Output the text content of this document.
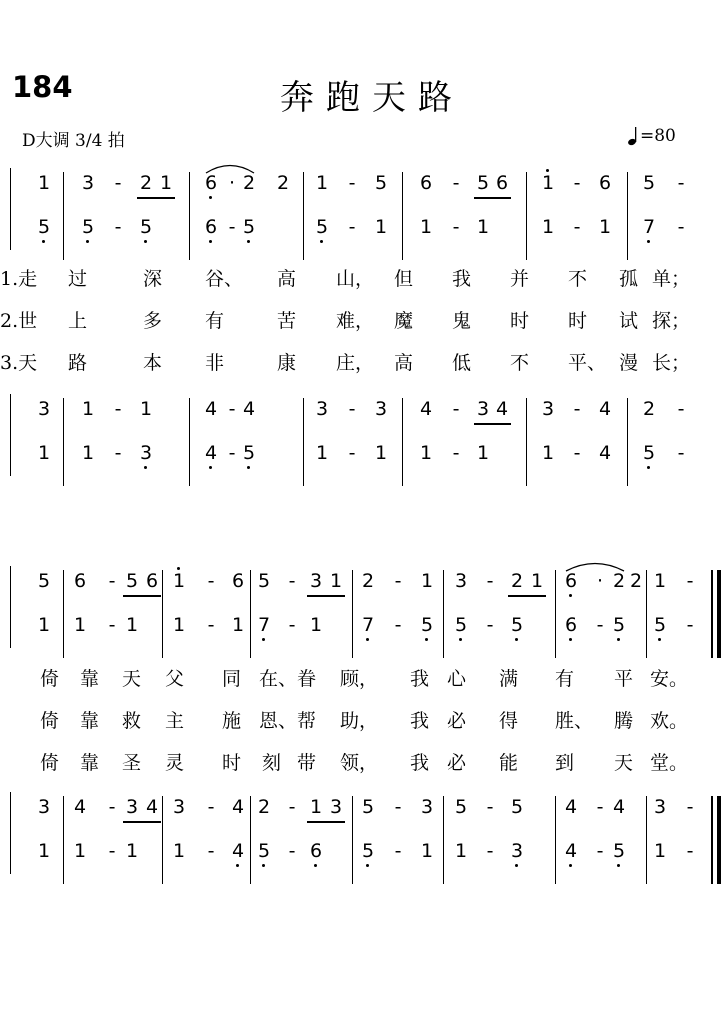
184	奔跑天路
D大调 3/4 拍	=80
1 3	- 2 1 6 · 2 2 1	-	5 6	- 5 6 1	- 6 5	-
5 5	- 5	6 - 5	5	-	1 1	- 1	1	- 1 7	-
3 1	- 1	4 - 4	3	-	3 4	- 3 4 3	- 4 2	-
1 1	- 3	4 - 5	1	-	1 1	- 1	1	- 4 5	-
1.走 过	深 谷、 高 山， 但 我 并 不 孤 单；
2.世 上	多 有	苦 难， 魔 鬼 时 时 试 探；
3.天 路	本 非	康 庄， 高 低 不 平、 漫 长；
5 6	- 5 6 1	- 6 5 - 3 1 2	-	1 3	- 2 1 6	· 2 2 1	-
1 1	- 1 1	- 1 7 - 1 7	-	5 5	- 5 6	- 5 5	-
3 4	- 3 4 3	- 4 2 - 1 3 5	-	3 5	- 5 4	- 4 3	-
1 1	- 1 1	- 4 5 - 6 5	-	1 1	- 3 4	- 5 1	-
倚 靠 天 父 同 在、眷 顾， 我 心 满 有 平 安。
倚 靠 救 主 施 恩、帮 助， 我 必 得 胜、 腾 欢。
倚 靠 圣 灵 时 刻 带 领， 我 必 能 到 天 堂。
